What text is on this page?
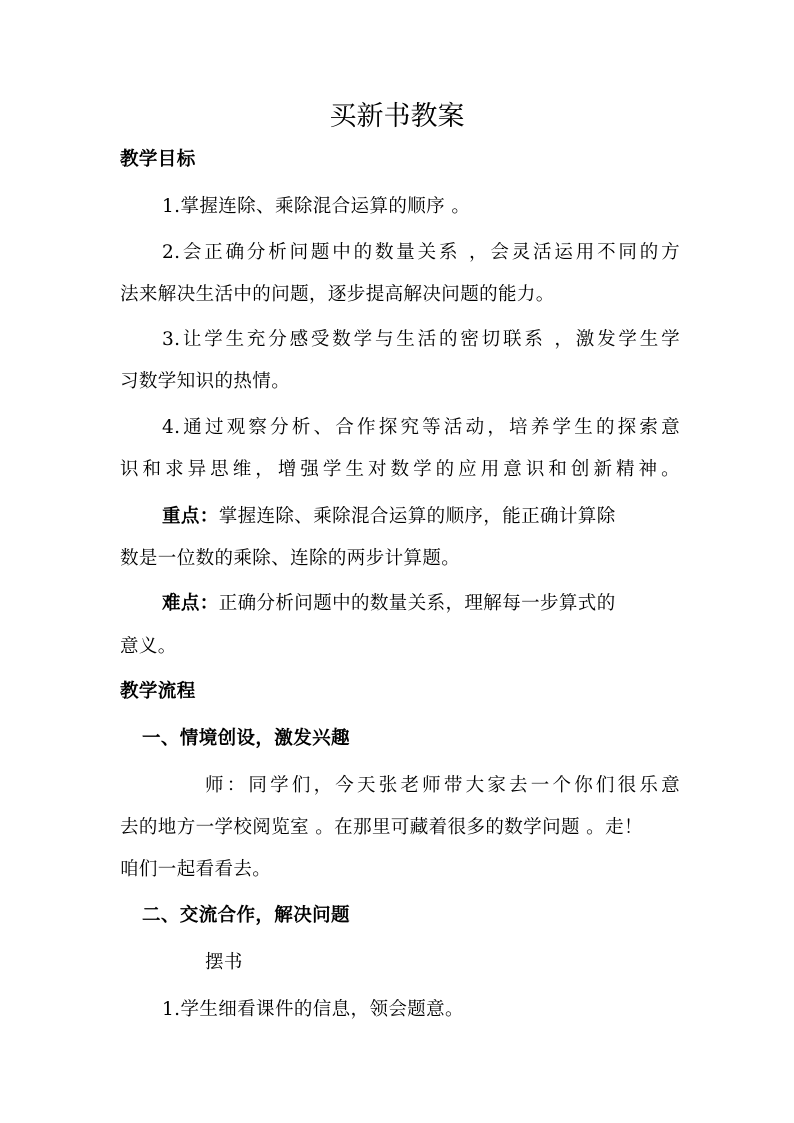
买新书教案
教学目标
1.掌握连除、乘除混合运算的顺序 。
2.会正确分析问题中的数量关系 ，会灵活运用不同的方
法来解决生活中的问题，逐步提高解决问题的能力。
3.让学生充分感受数学与生活的密切联系 ，激发学生学
习数学知识的热情。
4.通过观察分析、合作探究等活动，培养学生的探索意
识和求异思维，增强学生对数学的应用意识和创新精神。
重点：掌握连除、乘除混合运算的顺序，能正确计算除
数是一位数的乘除、连除的两步计算题。
难点：正确分析问题中的数量关系，理解每一步算式的
意义。
教学流程
一、情境创设，激发兴趣
师：同学们，今天张老师带大家去一个你们很乐意
去的地方一学校阅览室 。在那里可藏着很多的数学问题 。走！
咱们一起看看去。
二、交流合作，解决问题
摆书
1.学生细看课件的信息，领会题意。
